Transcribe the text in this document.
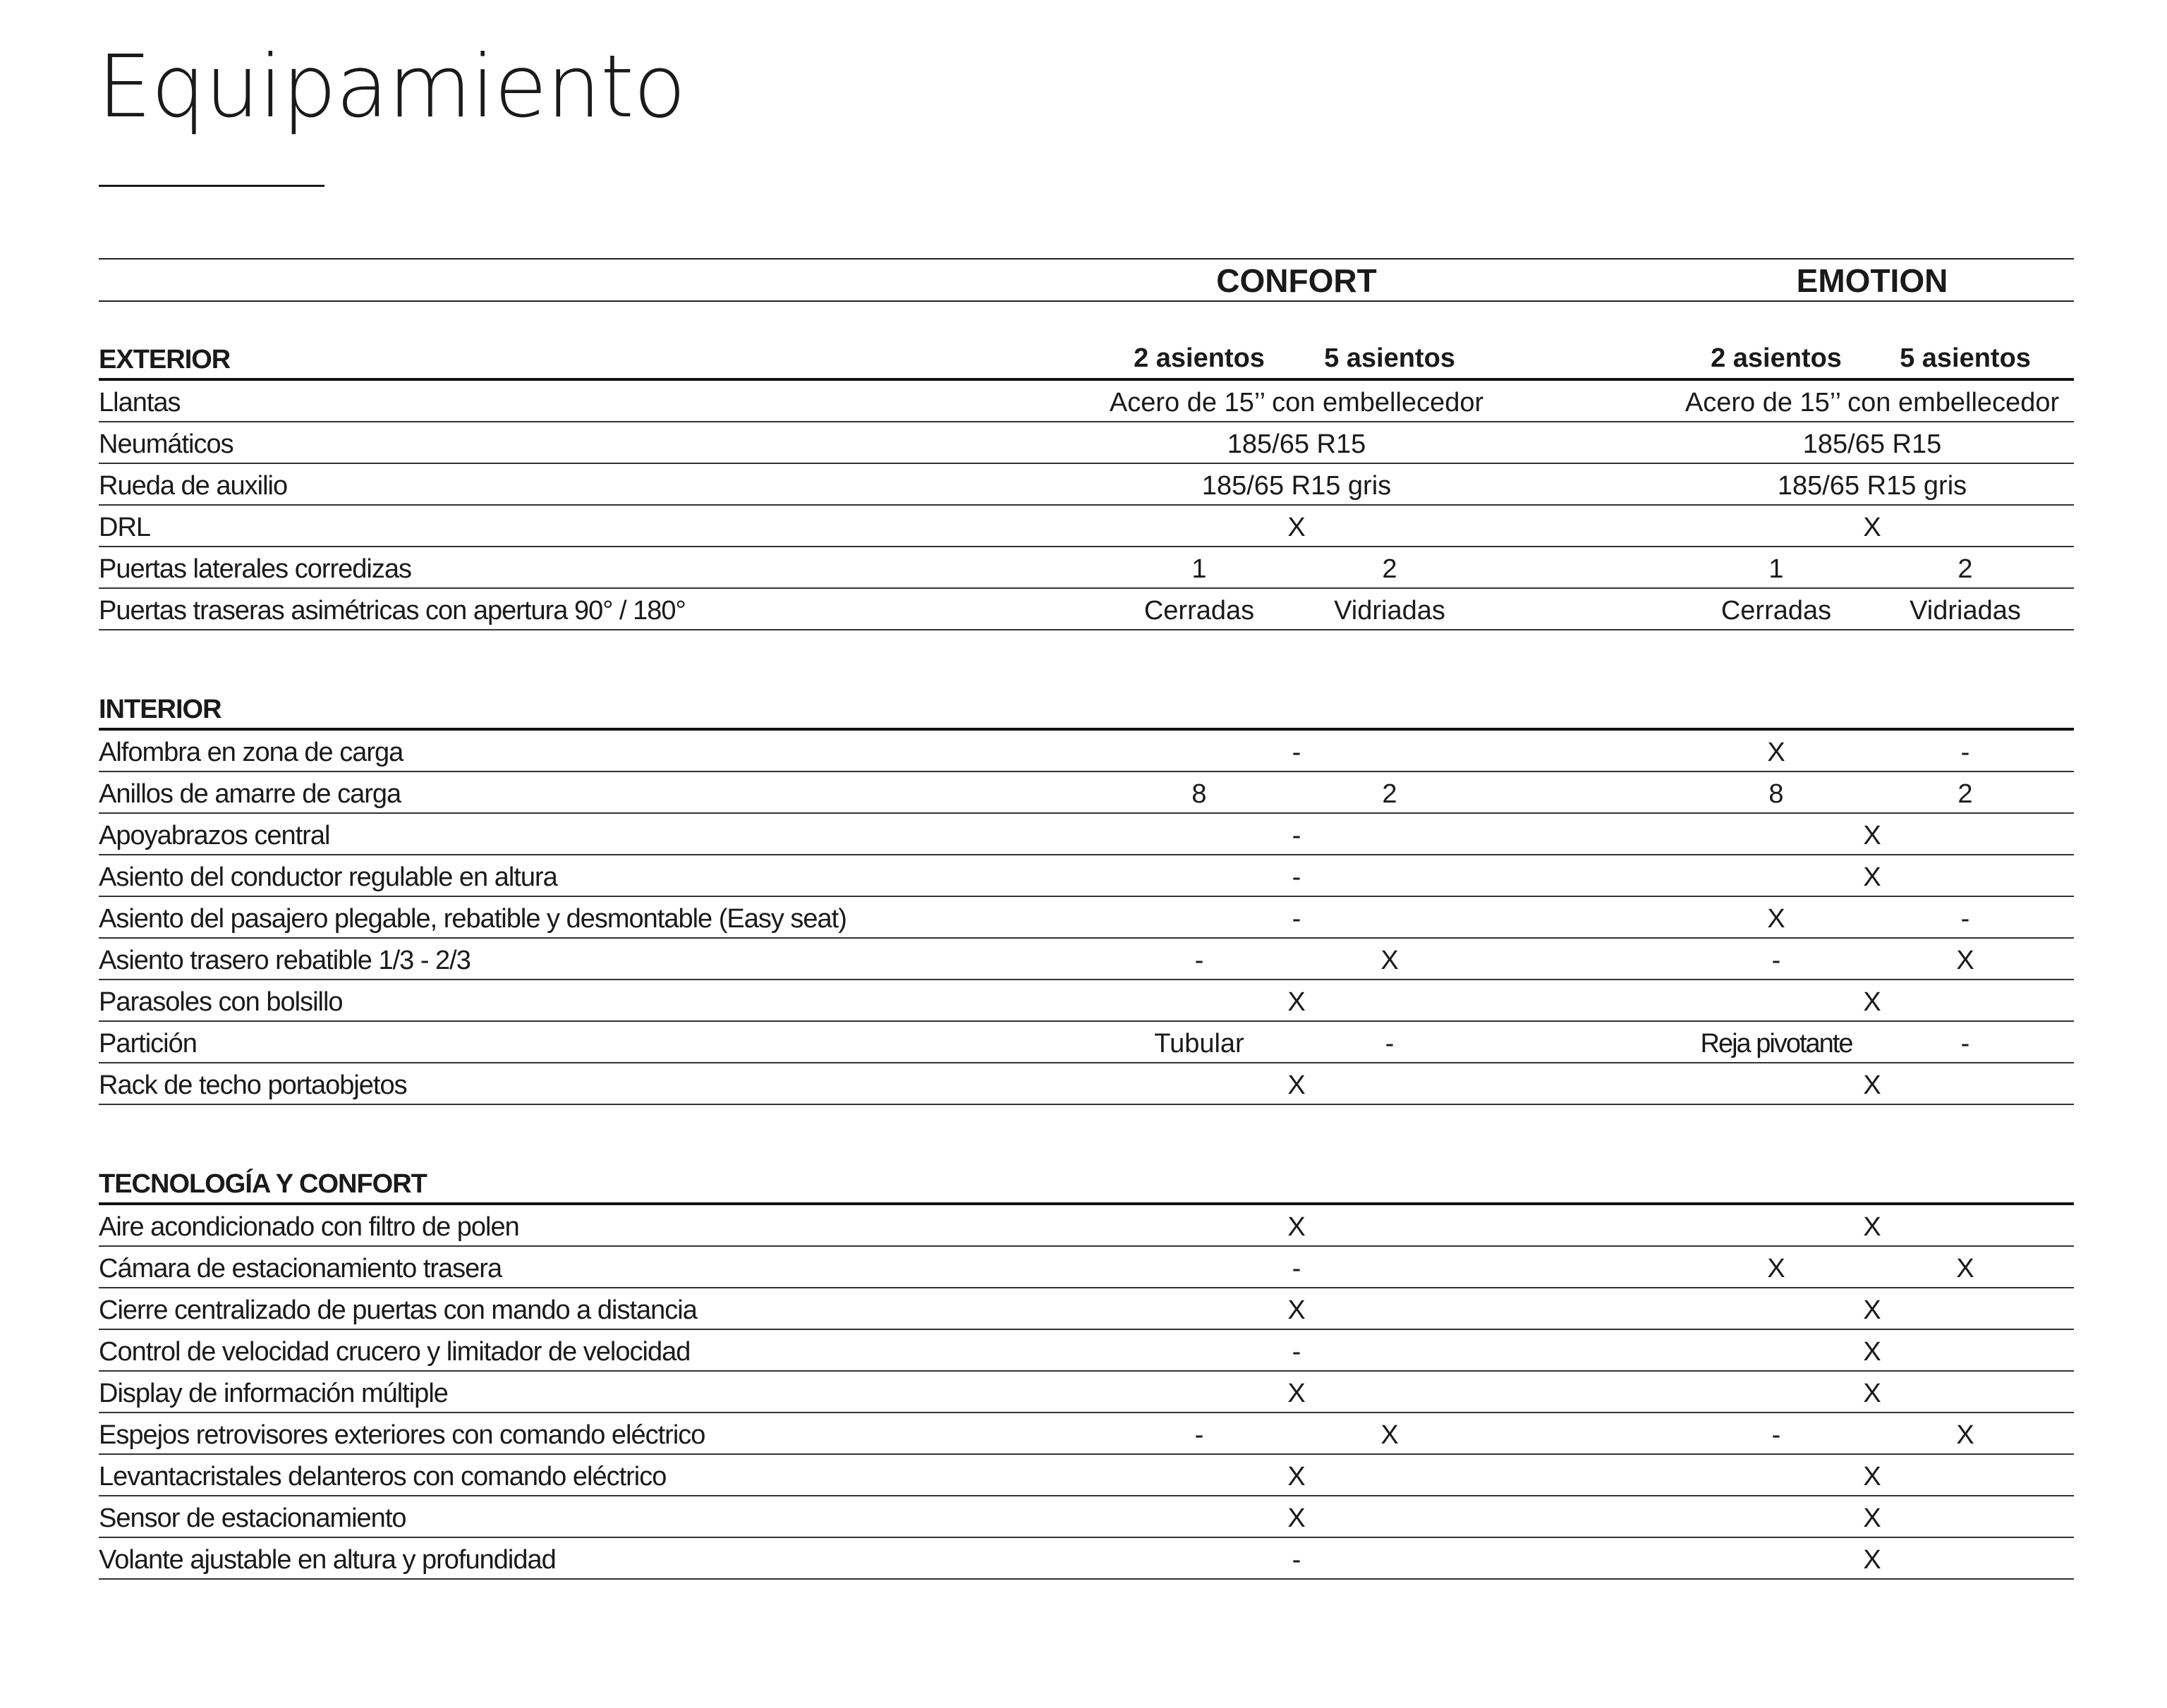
Equipamiento
CONFORT	EMOTION
EXTERIOR	2 asientos 5 asientos	2 asientos 5 asientos
Llantas	Acero de 15’’ con embellecedor	Acero de 15’’ con embellecedor
Neumáticos	185/65 R15	185/65 R15
Rueda de auxilio	185/65 R15 gris	185/65 R15 gris
DRL	X	X
Puertas laterales corredizas	1	2	1	2
Puertas traseras asimétricas con apertura 90° / 180°	Cerradas	Vidriadas	Cerradas	Vidriadas
INTERIOR
Alfombra en zona de carga	-	X	-
Anillos de amarre de carga	8	2	8	2
Apoyabrazos central	-	X
Asiento del conductor regulable en altura	-	X
Asiento del pasajero plegable, rebatible y desmontable (Easy seat)	-	X	-
Asiento trasero rebatible 1/3 - 2/3	-	X	-	X
Parasoles con bolsillo	X	X
Partición	Tubular	-	Reja pivotante	-
Rack de techo portaobjetos	X	X
TECNOLOGÍA Y CONFORT
Aire acondicionado con filtro de polen	X	X
Cámara de estacionamiento trasera	-	X	X
Cierre centralizado de puertas con mando a distancia	X	X
Control de velocidad crucero y limitador de velocidad	-	X
Display de información múltiple	X	X
Espejos retrovisores exteriores con comando eléctrico	-	X	-	X
Levantacristales delanteros con comando eléctrico	X	X
Sensor de estacionamiento	X	X
Volante ajustable en altura y profundidad	-	X
